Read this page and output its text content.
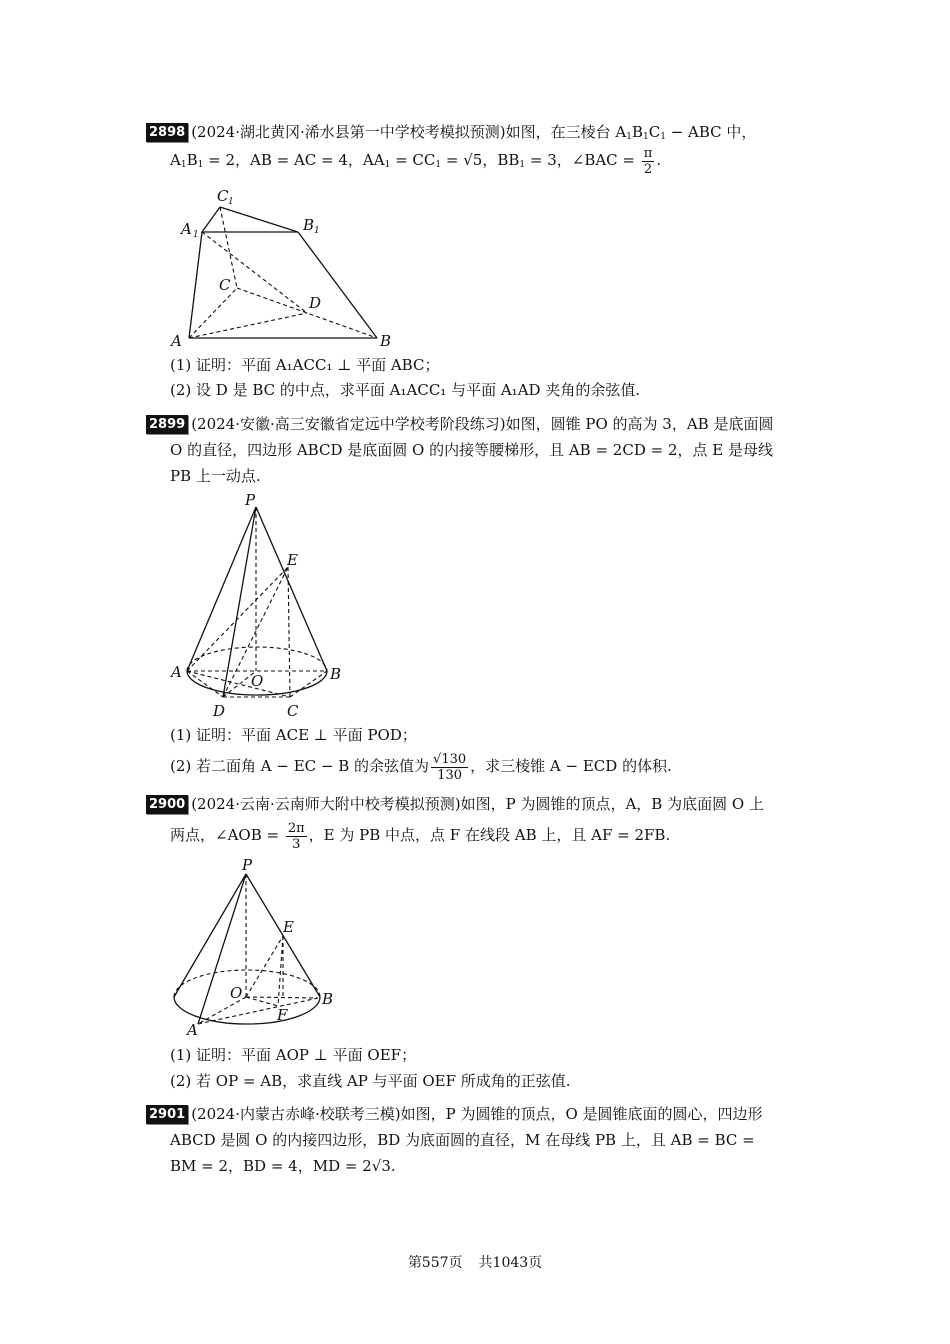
2898 (2024·湖北黄冈·浠水县第一中学校考模拟预测)如图，在三棱台 $A_1B_1C_1$ − ABC 中，
$A_1B_1 = 2$，AB = AC = 4，$AA_1 = CC_1 = √5$，$BB_1 = 3$，∠BAC = $\frac{\pi}{2}$ .
A 1
C 1
B 1
C
D
A	B
(1) 证明：平面 A₁ACC₁ ⊥ 平面 ABC；
(2) 设 D 是 BC 的中点，求平面 A₁ACC₁ 与平面 A₁AD 夹角的余弦值.
2899 (2024·安徽·高三安徽省定远中学校考阶段练习)如图，圆锥 PO 的高为 3，AB 是底面圆
O 的直径，四边形 ABCD 是底面圆 O 的内接等腰梯形，且 AB = 2CD = 2，点 E 是母线
PB 上一动点.
P
E
A	O	B
D	C
(1) 证明：平面 ACE ⊥ 平面 POD；
(2) 若二面角 A − EC − B 的余弦值为 $\frac{√130}{130}$ ，求三棱锥 A − ECD 的体积.
2900 (2024·云南·云南师大附中校考模拟预测)如图，P 为圆锥的顶点，A，B 为底面圆 O 上
两点，∠AOB = $\frac{2\pi}{3}$ ，E 为 PB 中点，点 F 在线段 AB 上，且 AF = 2FB.
P
E
O	B
F
A
(1) 证明：平面 AOP ⊥ 平面 OEF；
(2) 若 OP = AB，求直线 AP 与平面 OEF 所成角的正弦值.
2901 (2024·内蒙古赤峰·校联考三模)如图，P 为圆锥的顶点，O 是圆锥底面的圆心，四边形
ABCD 是圆 O 的内接四边形，BD 为底面圆的直径，M 在母线 PB 上，且 AB = BC =
BM = 2，BD = 4，MD = 2√3.
第557页 共1043页
